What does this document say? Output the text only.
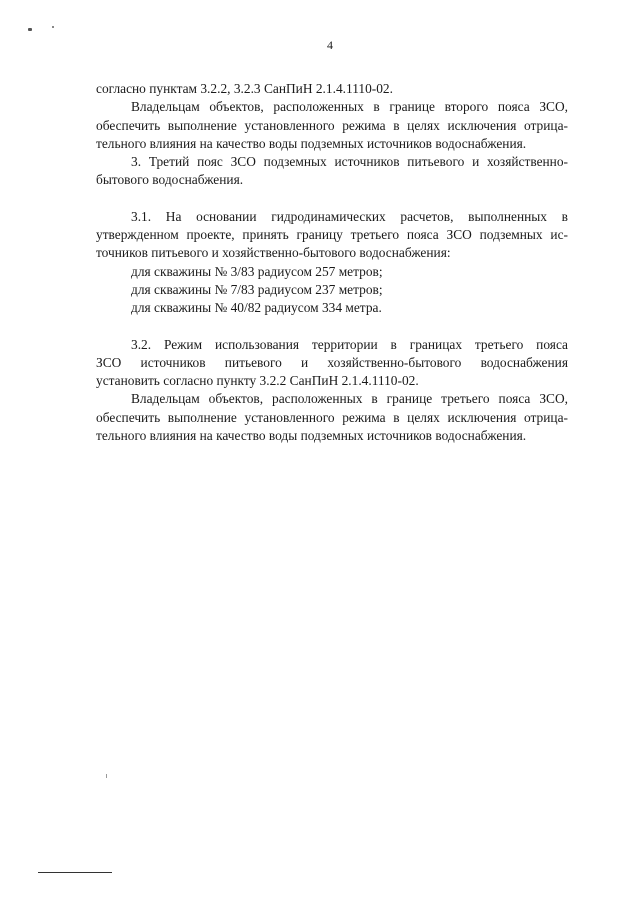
4

согласно пунктам 3.2.2, 3.2.3 СанПиН 2.1.4.1110-02.

Владельцам объектов, расположенных в границе второго пояса ЗСО,
обеспечить выполнение установленного режима в целях исключения отрица-
тельного влияния на качество воды подземных источников водоснабжения.

3. Третий пояс ЗСО подземных источников питьевого и хозяйственно-
бытового водоснабжения.

3.1. На основании гидродинамических расчетов, выполненных в
утвержденном проекте, принять границу третьего пояса ЗСО подземных ис-
точников питьевого и хозяйственно-бытового водоснабжения:

для скважины № 3/83 радиусом 257 метров;
для скважины № 7/83 радиусом 237 метров;
для скважины № 40/82 радиусом 334 метра.

3.2. Режим использования территории в границах третьего пояса
ЗСО источников питьевого и хозяйственно-бытового водоснабжения
установить согласно пункту 3.2.2 СанПиН 2.1.4.1110-02.

Владельцам объектов, расположенных в границе третьего пояса ЗСО,
обеспечить выполнение установленного режима в целях исключения отрица-
тельного влияния на качество воды подземных источников водоснабжения.
